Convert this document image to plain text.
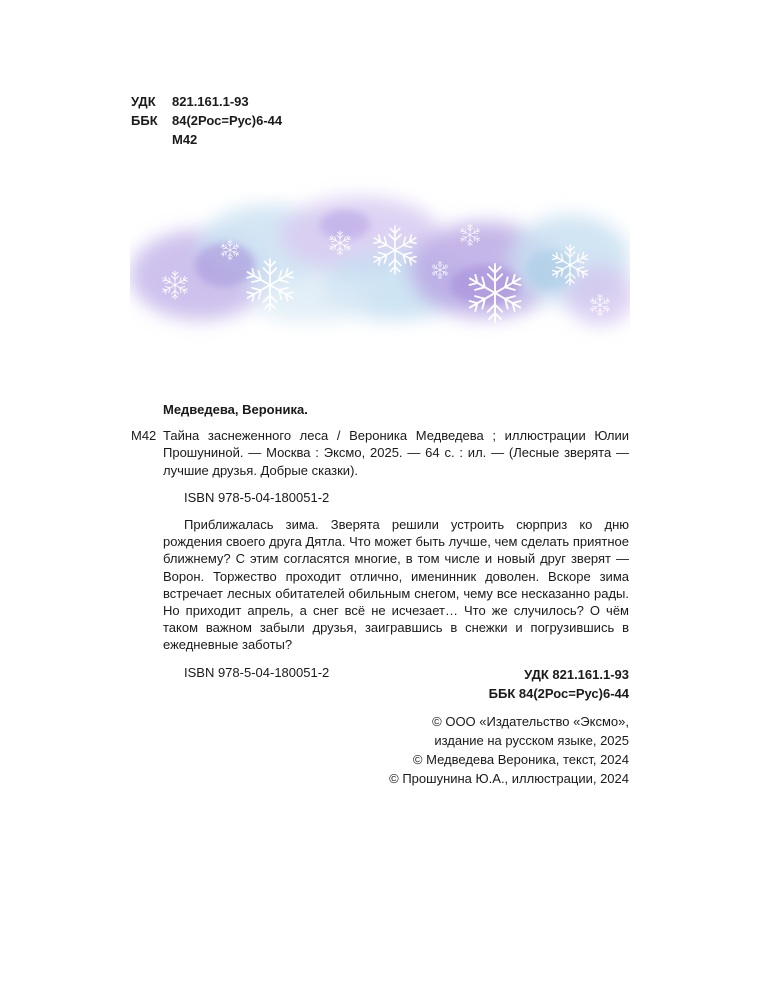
УДК	821.161.1-93
ББК	84(2Рос=Рус)6-44
М42
Медведева, Вероника.
М42 Тайна заснеженного леса / Вероника Медведева ; иллюстрации Юлии Прошуниной. — Москва : Эксмо, 2025. — 64 с. : ил. — (Лесные зверята — лучшие друзья. Добрые сказки).
ISBN 978-5-04-180051-2
Приближалась зима. Зверята решили устроить сюрприз ко дню рождения своего друга Дятла. Что может быть лучше, чем сделать приятное ближнему? С этим согласятся многие, в том числе и новый друг зверят — Ворон. Торжество проходит отлично, именинник доволен. Вскоре зима встречает лесных обитателей обильным снегом, чему все несказанно рады. Но приходит апрель, а снег всё не исчезает… Что же случилось? О чём таком важном забыли друзья, заигравшись в снежки и погрузившись в ежедневные заботы?
ISBN 978-5-04-180051-2	УДК 821.161.1-93
ББК 84(2Рос=Рус)6-44
© ООО «Издательство «Эксмо»,
издание на русском языке, 2025
© Медведева Вероника, текст, 2024
© Прошунина Ю.А., иллюстрации, 2024
